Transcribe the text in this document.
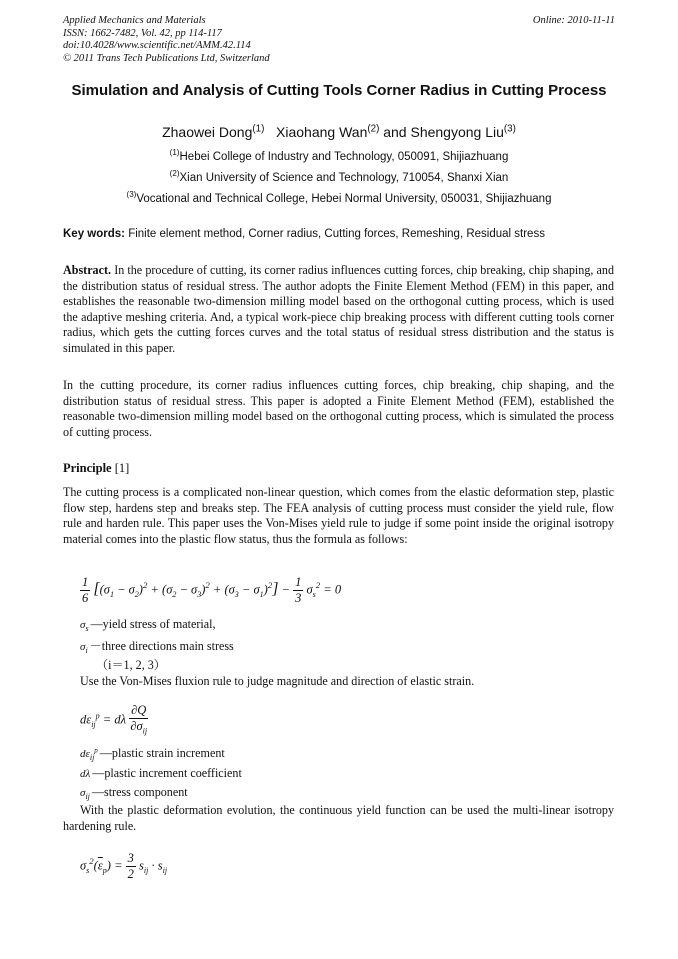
Applied Mechanics and Materials
ISSN: 1662-7482, Vol. 42, pp 114-117
doi:10.4028/www.scientific.net/AMM.42.114
© 2011 Trans Tech Publications Ltd, Switzerland
Online: 2010-11-11
Simulation and Analysis of Cutting Tools Corner Radius in Cutting Process
Zhaowei Dong$^{(1)}$ Xiaohang Wan$^{(2)}$ and Shengyong Liu$^{(3)}$
$^{(1)}$Hebei College of Industry and Technology, 050091, Shijiazhuang
$^{(2)}$Xian University of Science and Technology, 710054, Shanxi Xian
$^{(3)}$Vocational and Technical College, Hebei Normal University, 050031, Shijiazhuang
Key words: Finite element method, Corner radius, Cutting forces, Remeshing, Residual stress
Abstract. In the procedure of cutting, its corner radius influences cutting forces, chip breaking, chip shaping, and the distribution status of residual stress. The author adopts the Finite Element Method (FEM) in this paper, and establishes the reasonable two-dimension milling model based on the orthogonal cutting process, which is used the adaptive meshing criteria. And, a typical work-piece chip breaking process with different cutting tools corner radius, which gets the cutting forces curves and the total status of residual stress distribution and the status is simulated in this paper.
In the cutting procedure, its corner radius influences cutting forces, chip breaking, chip shaping, and the distribution status of residual stress. This paper is adopted a Finite Element Method (FEM), established the reasonable two-dimension milling model based on the orthogonal cutting process, which is simulated the process of cutting process.
Principle [1]
The cutting process is a complicated non-linear question, which comes from the elastic deformation step, plastic flow step, hardens step and breaks step. The FEA analysis of cutting process must consider the yield rule, flow rule and harden rule. This paper uses the Von-Mises yield rule to judge if some point inside the original isotropy material comes into the plastic flow status, thus the formula as follows:
$\frac{1}{6} [(\sigma_1 - \sigma_2)^2 + (\sigma_2 - \sigma_3)^2 + (\sigma_3 - \sigma_1)^2] - \frac{1}{3} \sigma_s^2 = 0$
$\sigma_s$ —yield stress of material,
$\sigma_i$ －three directions main stress
（i＝1, 2, 3）
Use the Von-Mises fluxion rule to judge magnitude and direction of elastic strain.
$d\varepsilon_{ij}^p = d\lambda \frac{\partial Q}{\partial\sigma_{ij}}$
$d\varepsilon_{ij}^p$ —plastic strain increment
dλ —plastic increment coefficient
$\sigma_{ij}$ —stress component
With the plastic deformation evolution, the continuous yield function can be used the multi-linear isotropy hardening rule.
$\sigma_s^2(\overline{\varepsilon}_p) = \frac{3}{2} s_{ij} \cdot s_{ij}$
